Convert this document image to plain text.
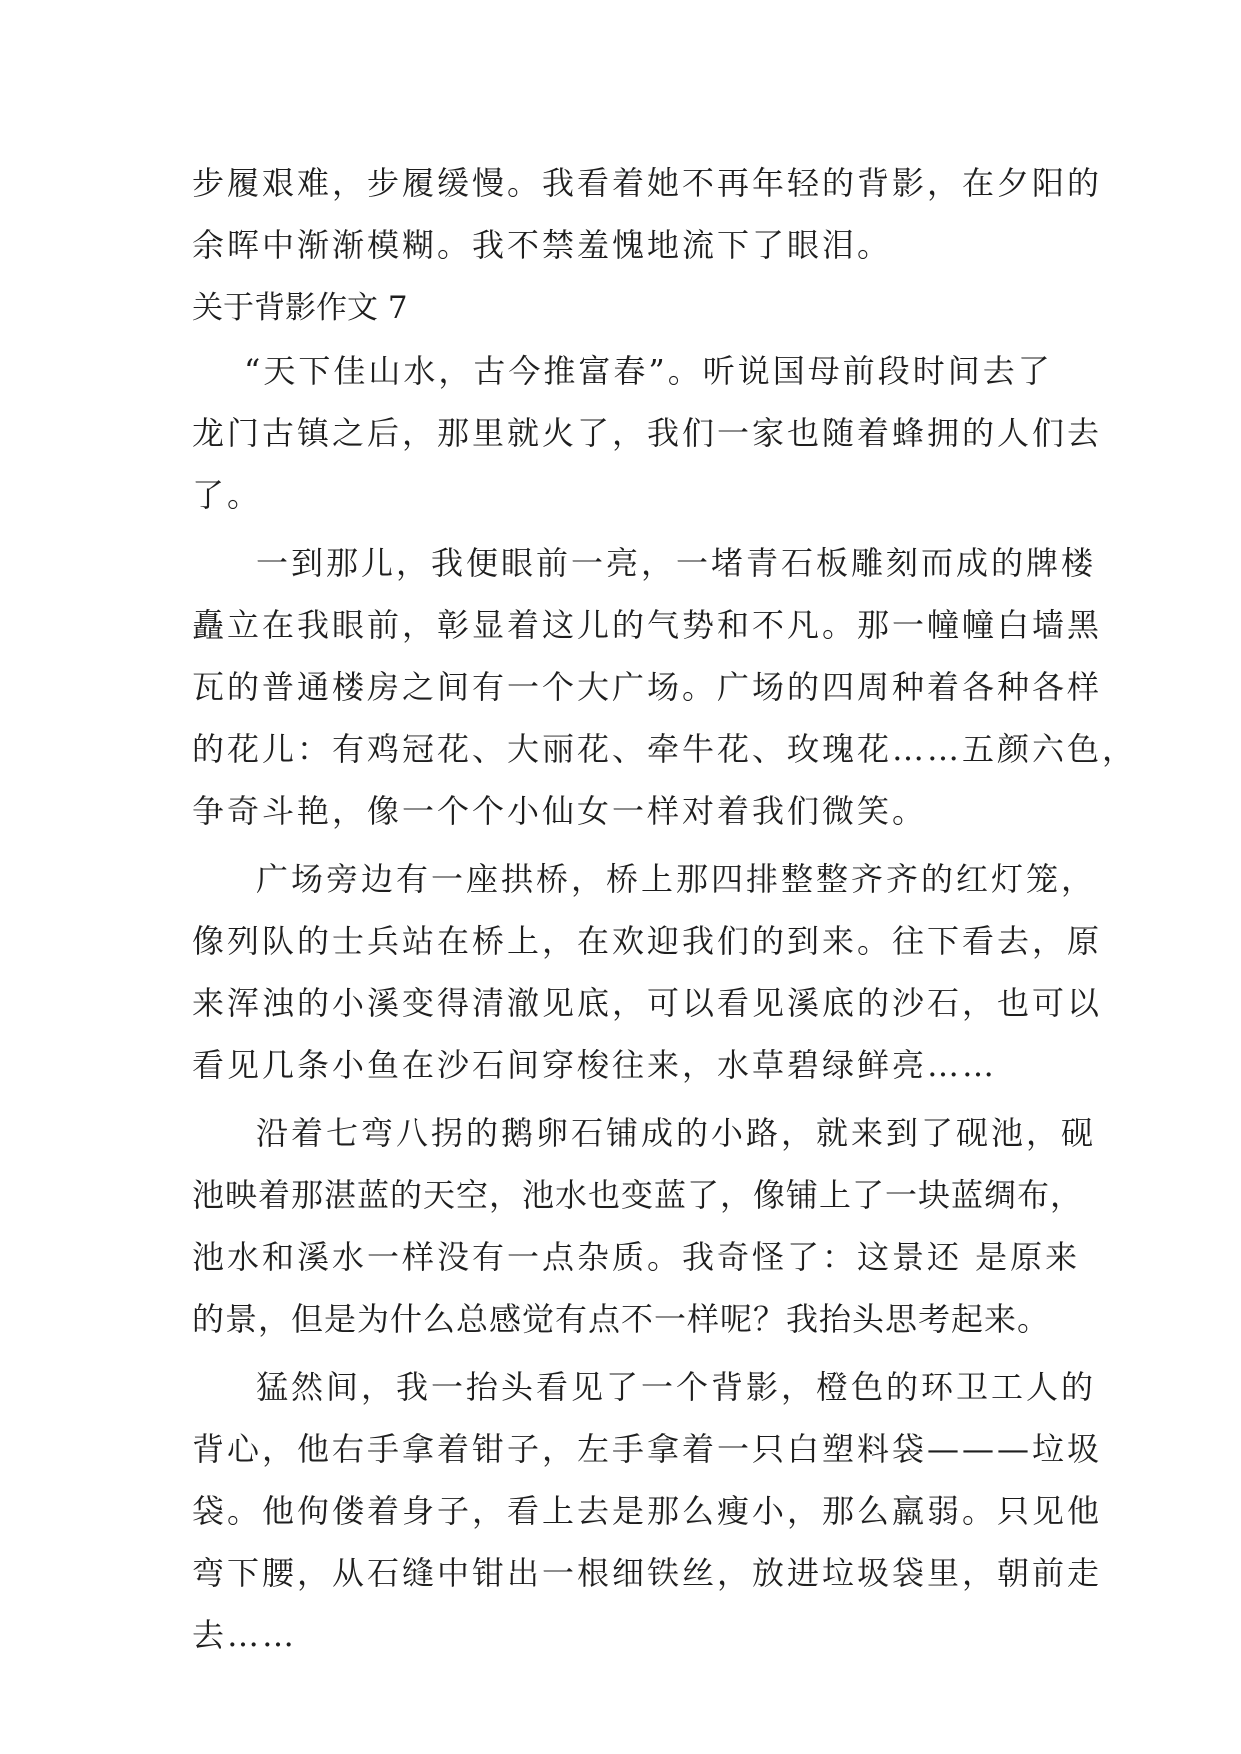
步履艰难，步履缓慢。我看着她不再年轻的背影，在夕阳的
余晖中渐渐模糊。我不禁羞愧地流下了眼泪。
关于背影作文 7
“天下佳山水，古今推富春”。听说国母前段时间去了
龙门古镇之后，那里就火了，我们一家也随着蜂拥的人们去
了。
一到那儿，我便眼前一亮，一堵青石板雕刻而成的牌楼
矗立在我眼前，彰显着这儿的气势和不凡。那一幢幢白墙黑
瓦的普通楼房之间有一个大广场。广场的四周种着各种各样
的花儿：有鸡冠花、大丽花、牵牛花、玫瑰花……五颜六色，
争奇斗艳，像一个个小仙女一样对着我们微笑。
广场旁边有一座拱桥，桥上那四排整整齐齐的红灯笼，
像列队的士兵站在桥上，在欢迎我们的到来。往下看去，原
来浑浊的小溪变得清澈见底，可以看见溪底的沙石，也可以
看见几条小鱼在沙石间穿梭往来，水草碧绿鲜亮……
沿着七弯八拐的鹅卵石铺成的小路，就来到了砚池，砚
池映着那湛蓝的天空，池水也变蓝了，像铺上了一块蓝绸布，
池水和溪水一样没有一点杂质。我奇怪了：这景还 是原来
的景，但是为什么总感觉有点不一样呢？我抬头思考起来。
猛然间，我一抬头看见了一个背影，橙色的环卫工人的
背心，他右手拿着钳子，左手拿着一只白塑料袋———垃圾
袋。他佝偻着身子，看上去是那么瘦小，那么羸弱。只见他
弯下腰，从石缝中钳出一根细铁丝，放进垃圾袋里，朝前走
去……
